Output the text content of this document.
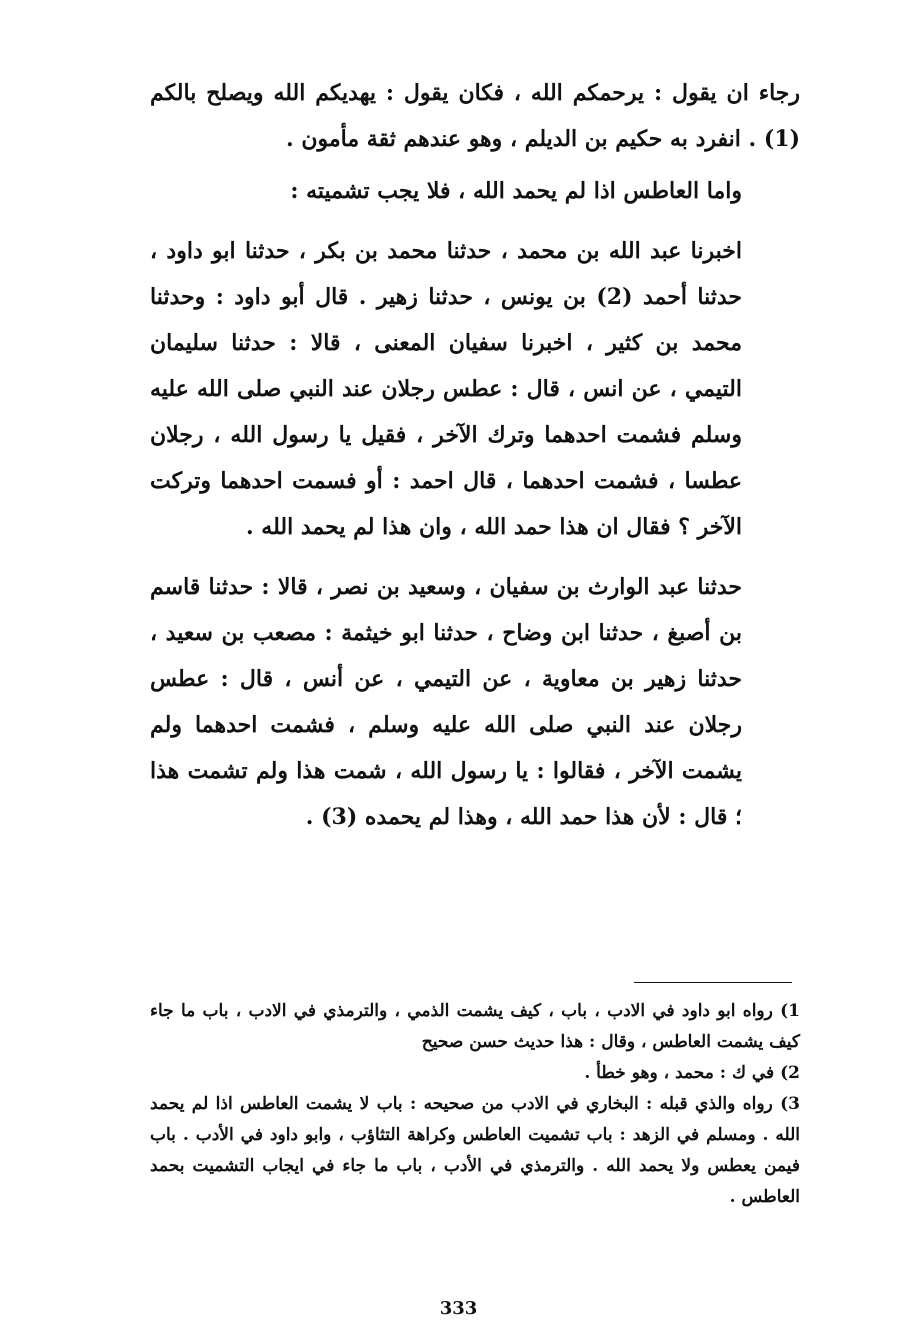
رجاء ان يقول : يرحمكم الله ، فكان يقول : يهديكم الله ويصلح بالكم (1) . انفرد به حكيم بن الديلم ، وهو عندهم ثقة مأمون .

واما العاطس اذا لم يحمد الله ، فلا يجب تشميته :

اخبرنا عبد الله بن محمد ، حدثنا محمد بن بكر ، حدثنا ابو داود ، حدثنا أحمد (2) بن يونس ، حدثنا زهير . قال أبو داود : وحدثنا محمد بن كثير ، اخبرنا سفيان المعنى ، قالا : حدثنا سليمان التيمي ، عن انس ، قال : عطس رجلان عند النبي صلى الله عليه وسلم فشمت احدهما وترك الآخر ، فقيل يا رسول الله ، رجلان عطسا ، فشمت احدهما ، قال احمد : أو فسمت احدهما وتركت الآخر ؟ فقال ان هذا حمد الله ، وان هذا لم يحمد الله .

حدثنا عبد الوارث بن سفيان ، وسعيد بن نصر ، قالا : حدثنا قاسم بن أصبغ ، حدثنا ابن وضاح ، حدثنا ابو خيثمة : مصعب بن سعيد ، حدثنا زهير بن معاوية ، عن التيمي ، عن أنس ، قال : عطس رجلان عند النبي صلى الله عليه وسلم ، فشمت احدهما ولم يشمت الآخر ، فقالوا : يا رسول الله ، شمت هذا ولم تشمت هذا ؛ قال : لأن هذا حمد الله ، وهذا لم يحمده (3) .

1) رواه ابو داود في الادب ، باب ، كيف يشمت الذمي ، والترمذي في الادب ، باب ما جاء كيف يشمت العاطس ، وقال : هذا حديث حسن صحيح

2) في ك : محمد ، وهو خطأ .

3) رواه والذي قبله : البخاري في الادب من صحيحه : باب لا يشمت العاطس اذا لم يحمد الله . ومسلم في الزهد : باب تشميت العاطس وكراهة التثاؤب ، وابو داود في الأدب . باب فيمن يعطس ولا يحمد الله . والترمذي في الأدب ، باب ما جاء في ايجاب التشميت بحمد العاطس .

333
